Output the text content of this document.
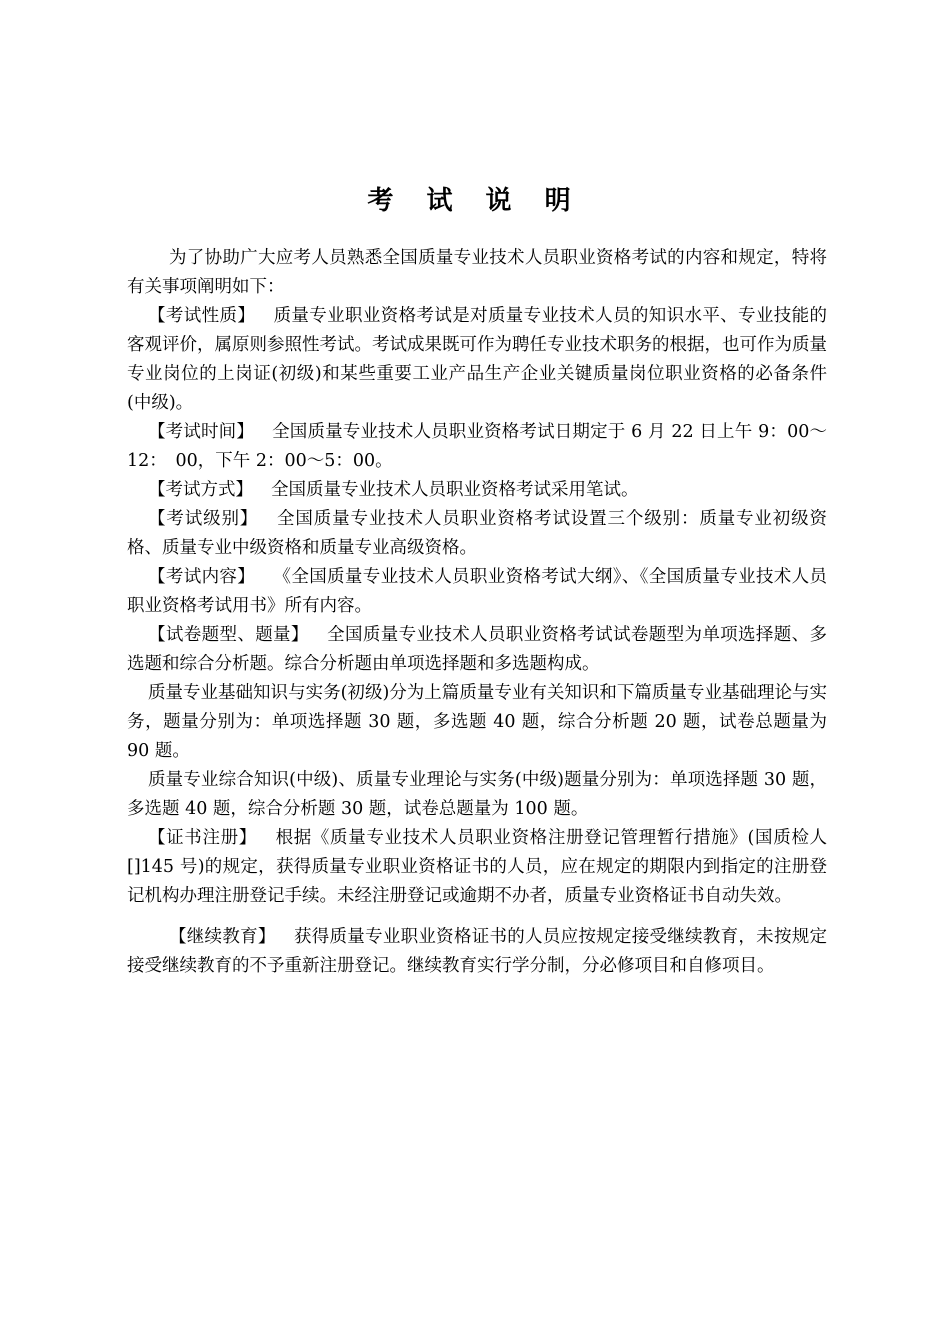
考 试 说 明

为了协助广大应考人员熟悉全国质量专业技术人员职业资格考试的内容和规定，特将有关事项阐明如下：

【考试性质】 质量专业职业资格考试是对质量专业技术人员的知识水平、专业技能的客观评价，属原则参照性考试。考试成果既可作为聘任专业技术职务的根据，也可作为质量专业岗位的上岗证(初级)和某些重要工业产品生产企业关键质量岗位职业资格的必备条件(中级)。

【考试时间】 全国质量专业技术人员职业资格考试日期定于 6 月 22 日上午 9：00～12：　00，下午 2：00～5：00。

【考试方式】 全国质量专业技术人员职业资格考试采用笔试。

【考试级别】 全国质量专业技术人员职业资格考试设置三个级别：质量专业初级资格、质量专业中级资格和质量专业高级资格。

【考试内容】 《全国质量专业技术人员职业资格考试大纲》、《全国质量专业技术人员职业资格考试用书》所有内容。

【试卷题型、题量】 全国质量专业技术人员职业资格考试试卷题型为单项选择题、多选题和综合分析题。综合分析题由单项选择题和多选题构成。

质量专业基础知识与实务(初级)分为上篇质量专业有关知识和下篇质量专业基础理论与实务，题量分别为：单项选择题 30 题，多选题 40 题，综合分析题 20 题，试卷总题量为 90 题。

质量专业综合知识(中级)、质量专业理论与实务(中级)题量分别为：单项选择题 30 题，多选题 40 题，综合分析题 30 题，试卷总题量为 100 题。

【证书注册】 根据《质量专业技术人员职业资格注册登记管理暂行措施》(国质检人[]145 号)的规定，获得质量专业职业资格证书的人员，应在规定的期限内到指定的注册登记机构办理注册登记手续。未经注册登记或逾期不办者，质量专业资格证书自动失效。

【继续教育】 获得质量专业职业资格证书的人员应按规定接受继续教育，未按规定接受继续教育的不予重新注册登记。继续教育实行学分制，分必修项目和自修项目。
